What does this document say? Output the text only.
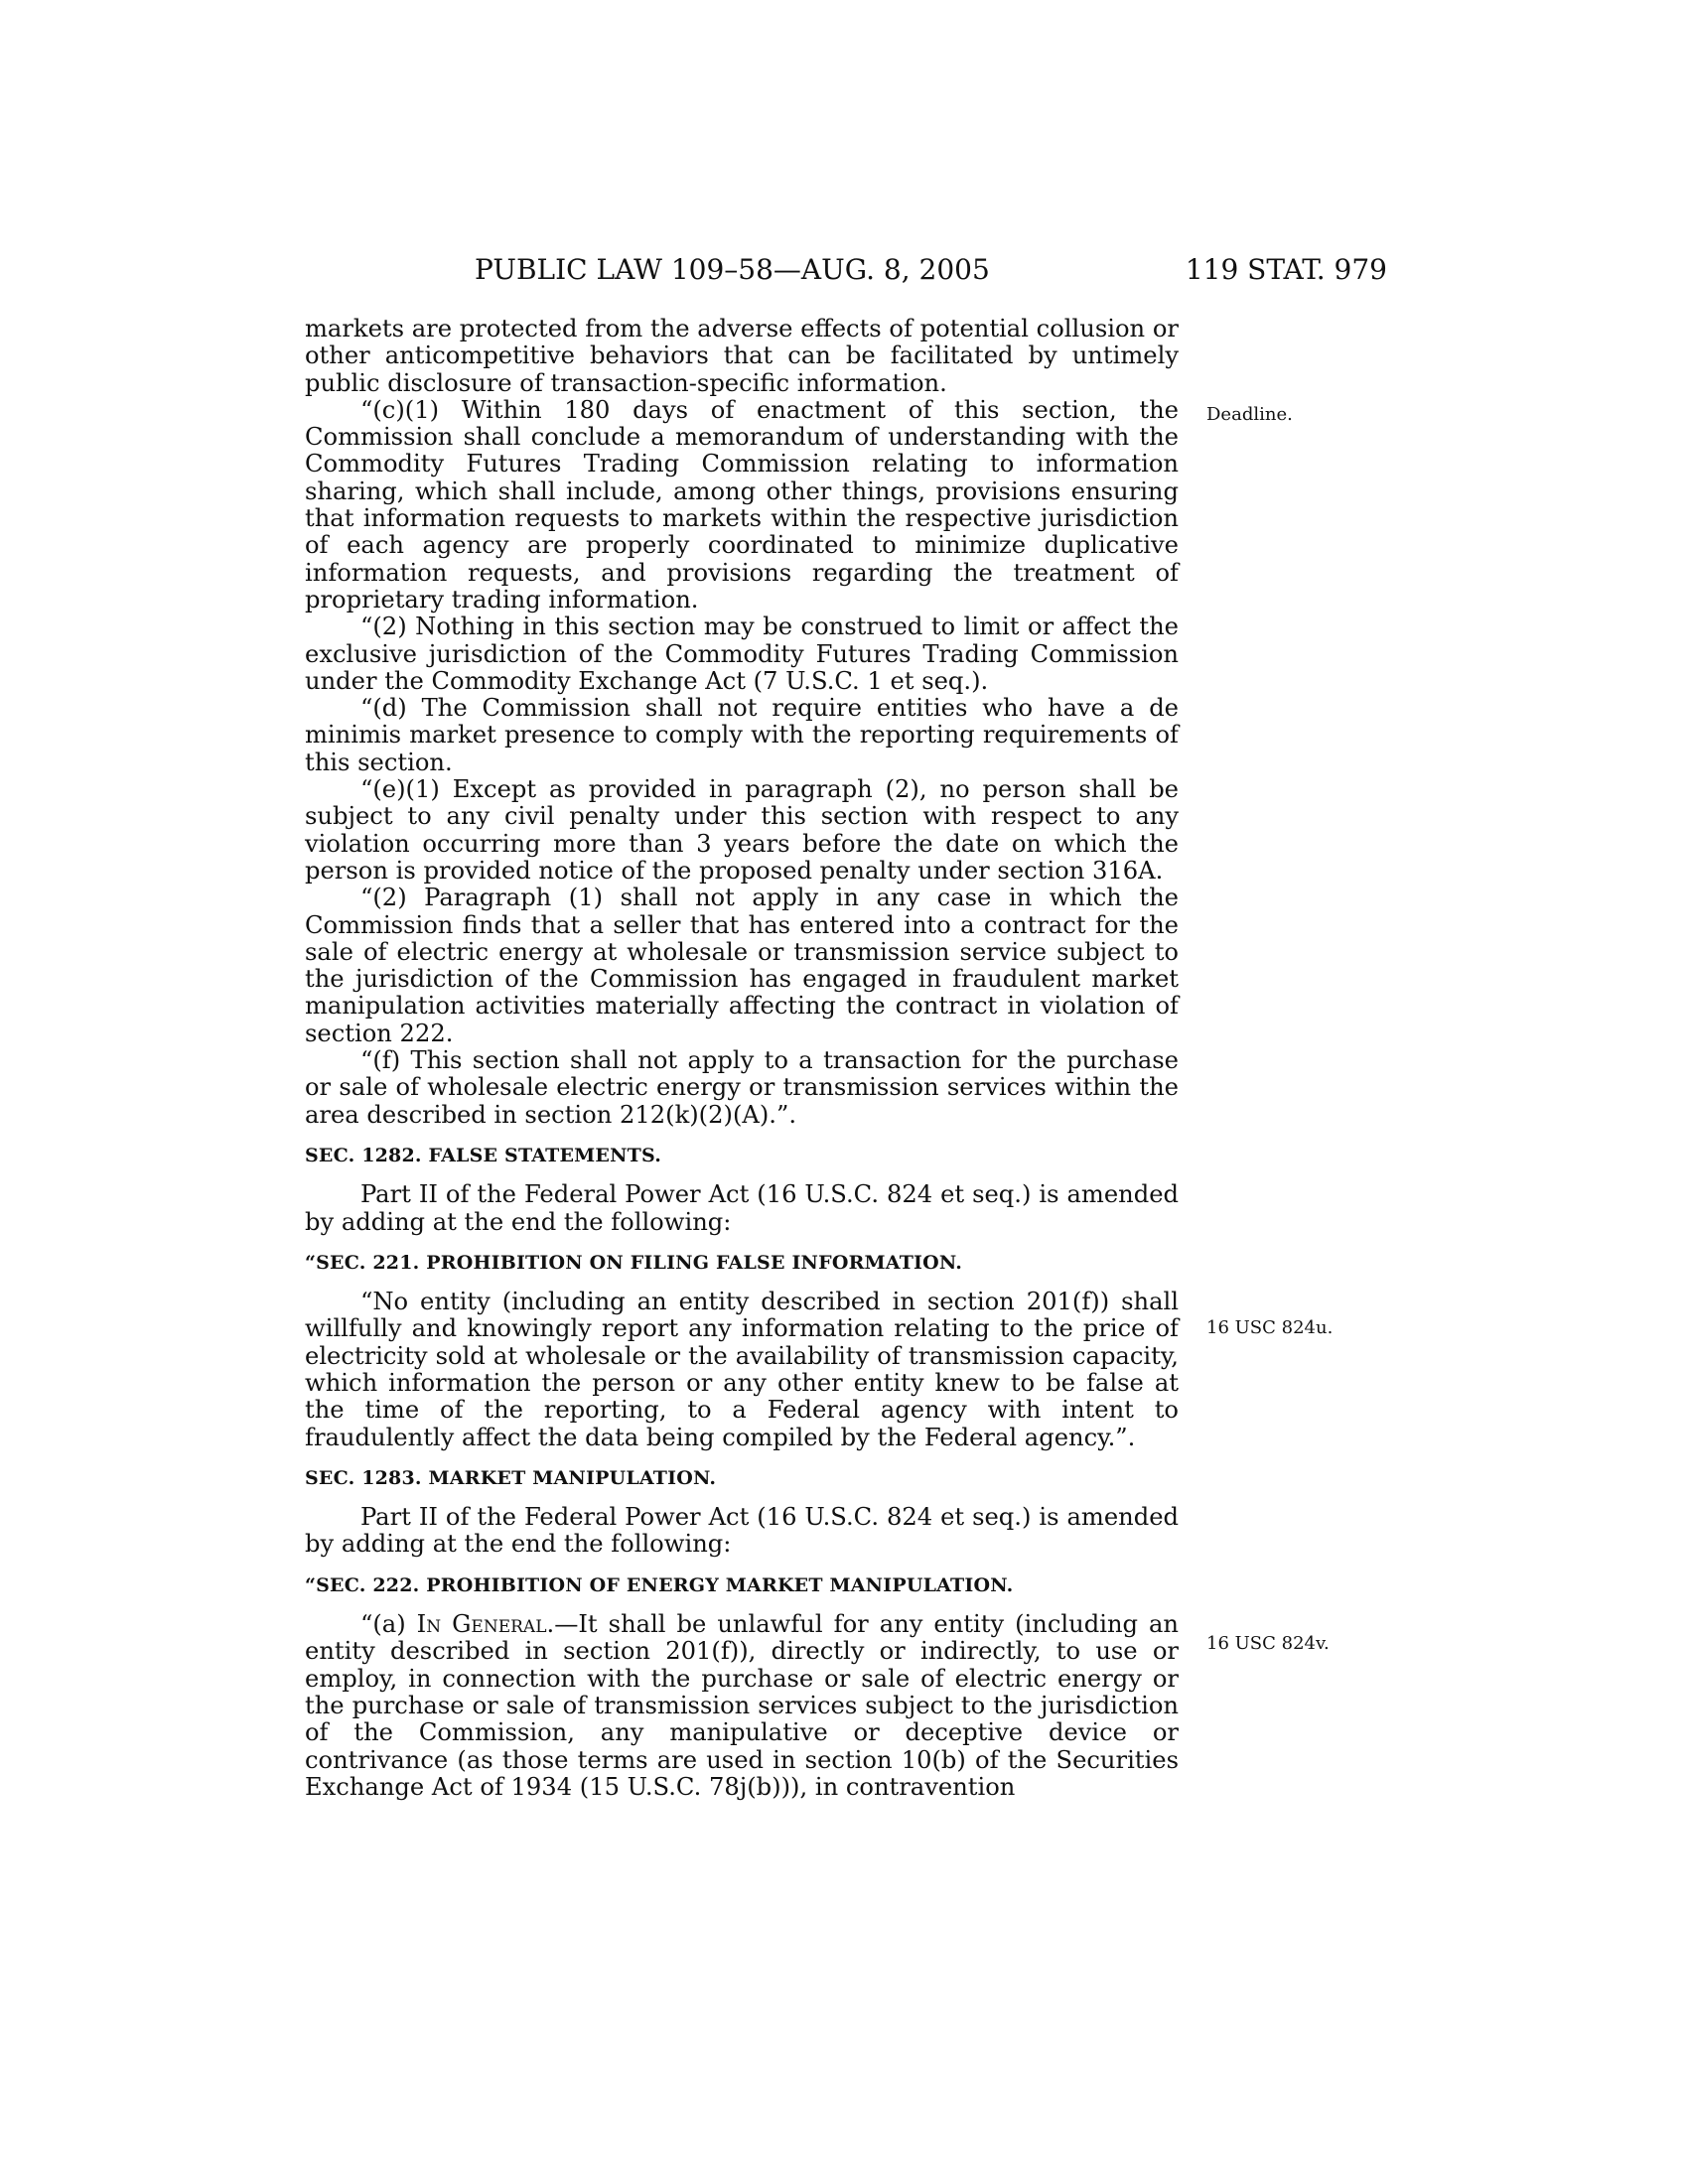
PUBLIC LAW 109–58—AUG. 8, 2005	119 STAT. 979
Deadline.
16 USC 824u.
16 USC 824v.

markets are protected from the adverse effects of potential collusion or other anticompetitive behaviors that can be facilitated by untimely public disclosure of transaction-specific information.

“(c)(1) Within 180 days of enactment of this section, the Commission shall conclude a memorandum of understanding with the Commodity Futures Trading Commission relating to information sharing, which shall include, among other things, provisions ensuring that information requests to markets within the respective jurisdiction of each agency are properly coordinated to minimize duplicative information requests, and provisions regarding the treatment of proprietary trading information.

“(2) Nothing in this section may be construed to limit or affect the exclusive jurisdiction of the Commodity Futures Trading Commission under the Commodity Exchange Act (7 U.S.C. 1 et seq.).

“(d) The Commission shall not require entities who have a de minimis market presence to comply with the reporting requirements of this section.

“(e)(1) Except as provided in paragraph (2), no person shall be subject to any civil penalty under this section with respect to any violation occurring more than 3 years before the date on which the person is provided notice of the proposed penalty under section 316A.

“(2) Paragraph (1) shall not apply in any case in which the Commission finds that a seller that has entered into a contract for the sale of electric energy at wholesale or transmission service subject to the jurisdiction of the Commission has engaged in fraudulent market manipulation activities materially affecting the contract in violation of section 222.

“(f) This section shall not apply to a transaction for the purchase or sale of wholesale electric energy or transmission services within the area described in section 212(k)(2)(A).”.

SEC. 1282. FALSE STATEMENTS.

Part II of the Federal Power Act (16 U.S.C. 824 et seq.) is amended by adding at the end the following:

“SEC. 221. PROHIBITION ON FILING FALSE INFORMATION.

“No entity (including an entity described in section 201(f)) shall willfully and knowingly report any information relating to the price of electricity sold at wholesale or the availability of transmission capacity, which information the person or any other entity knew to be false at the time of the reporting, to a Federal agency with intent to fraudulently affect the data being compiled by the Federal agency.”.

SEC. 1283. MARKET MANIPULATION.

Part II of the Federal Power Act (16 U.S.C. 824 et seq.) is amended by adding at the end the following:

“SEC. 222. PROHIBITION OF ENERGY MARKET MANIPULATION.

“(a) In General.—It shall be unlawful for any entity (including an entity described in section 201(f)), directly or indirectly, to use or employ, in connection with the purchase or sale of electric energy or the purchase or sale of transmission services subject to the jurisdiction of the Commission, any manipulative or deceptive device or contrivance (as those terms are used in section 10(b) of the Securities Exchange Act of 1934 (15 U.S.C. 78j(b))), in contravention
